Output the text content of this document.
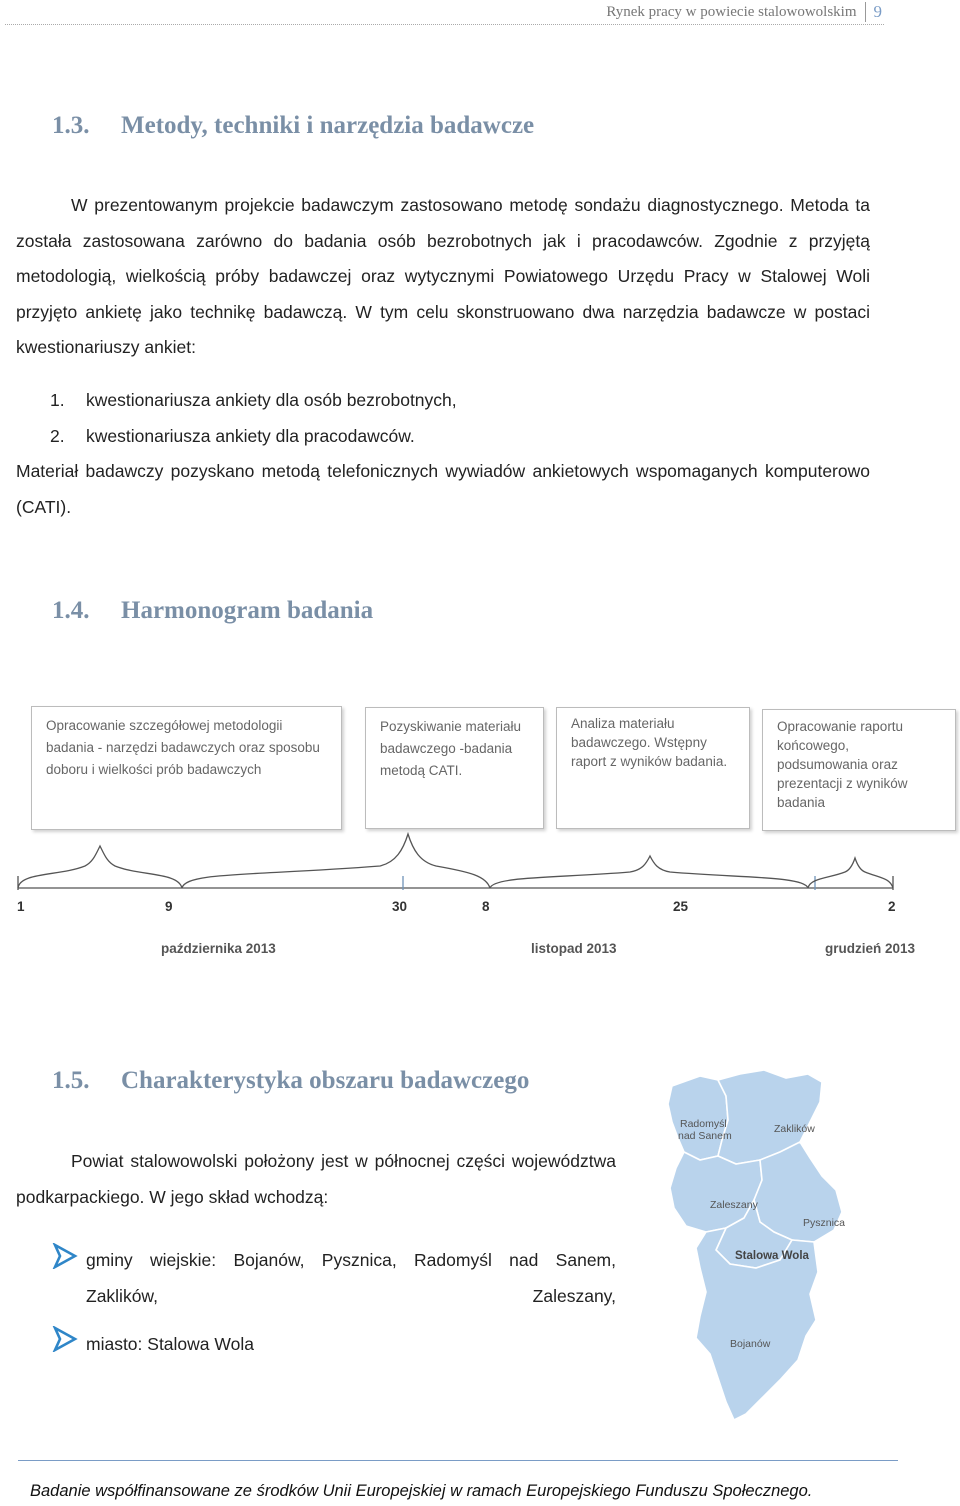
Rynek pracy w powiecie stalowowolskim 9
1.3. Metody, techniki i narzędzia badawcze
W prezentowanym projekcie badawczym zastosowano metodę sondażu diagnostycznego. Metoda ta została zastosowana zarówno do badania osób bezrobotnych jak i pracodawców. Zgodnie z przyjętą metodologią, wielkością próby badawczej oraz wytycznymi Powiatowego Urzędu Pracy w Stalowej Woli przyjęto ankietę jako technikę badawczą. W tym celu skonstruowano dwa narzędzia badawcze w postaci kwestionariuszy ankiet:
1. kwestionariusza ankiety dla osób bezrobotnych,
2. kwestionariusza ankiety dla pracodawców.
Materiał badawczy pozyskano metodą telefonicznych wywiadów ankietowych wspomaganych komputerowo (CATI).
1.4. Harmonogram badania
Opracowanie szczegółowej metodologii badania - narzędzi badawczych oraz sposobu doboru i wielkości prób badawczych
Pozyskiwanie materiału badawczego -badania metodą CATI.
Analiza materiału badawczego. Wstępny raport z wyników badania.
Opracowanie raportu końcowego, podsumowania oraz prezentacji z wyników badania
1	9	30	8	25	2
października 2013	listopad 2013	grudzień 2013
1.5. Charakterystyka obszaru badawczego
Powiat stalowowolski położony jest w północnej części województwa podkarpackiego. W jego skład wchodzą:
gminy wiejskie: Bojanów, Pysznica, Radomyśl nad Sanem, Zaklików, Zaleszany,
miasto: Stalowa Wola
Radomyśl
nad Sanem
Zaklików
Zaleszany
Pysznica
Stalowa Wola
Bojanów
Badanie współfinansowane ze środków Unii Europejskiej w ramach Europejskiego Funduszu Społecznego.
